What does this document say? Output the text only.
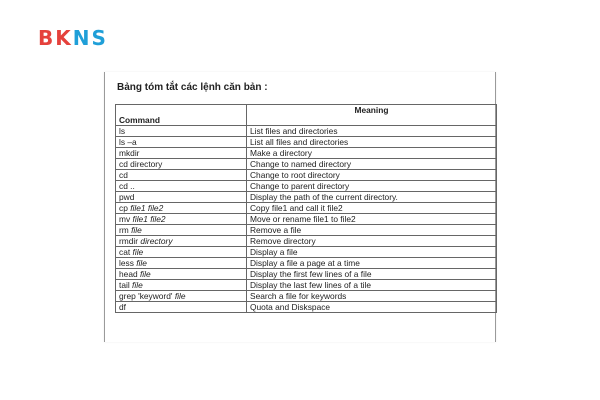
BKNS
Bảng tóm tắt các lệnh căn bản :
Command	Meaning
ls	List files and directories
ls –a	List all files and directories
mkdir	Make a directory
cd directory	Change to named directory
cd	Change to root directory
cd ..	Change to parent directory
pwd	Display the path of the current directory.
cp file1 file2	Copy file1 and call it file2
mv file1 file2	Move or rename file1 to file2
rm file	Remove a file
rmdir directory	Remove directory
cat file	Display a file
less file	Display a file a page at a time
head file	Display the first few lines of a file
tail file	Display the last few lines of a tile
grep 'keyword' file	Search a file for keywords
df	Quota and Diskspace
